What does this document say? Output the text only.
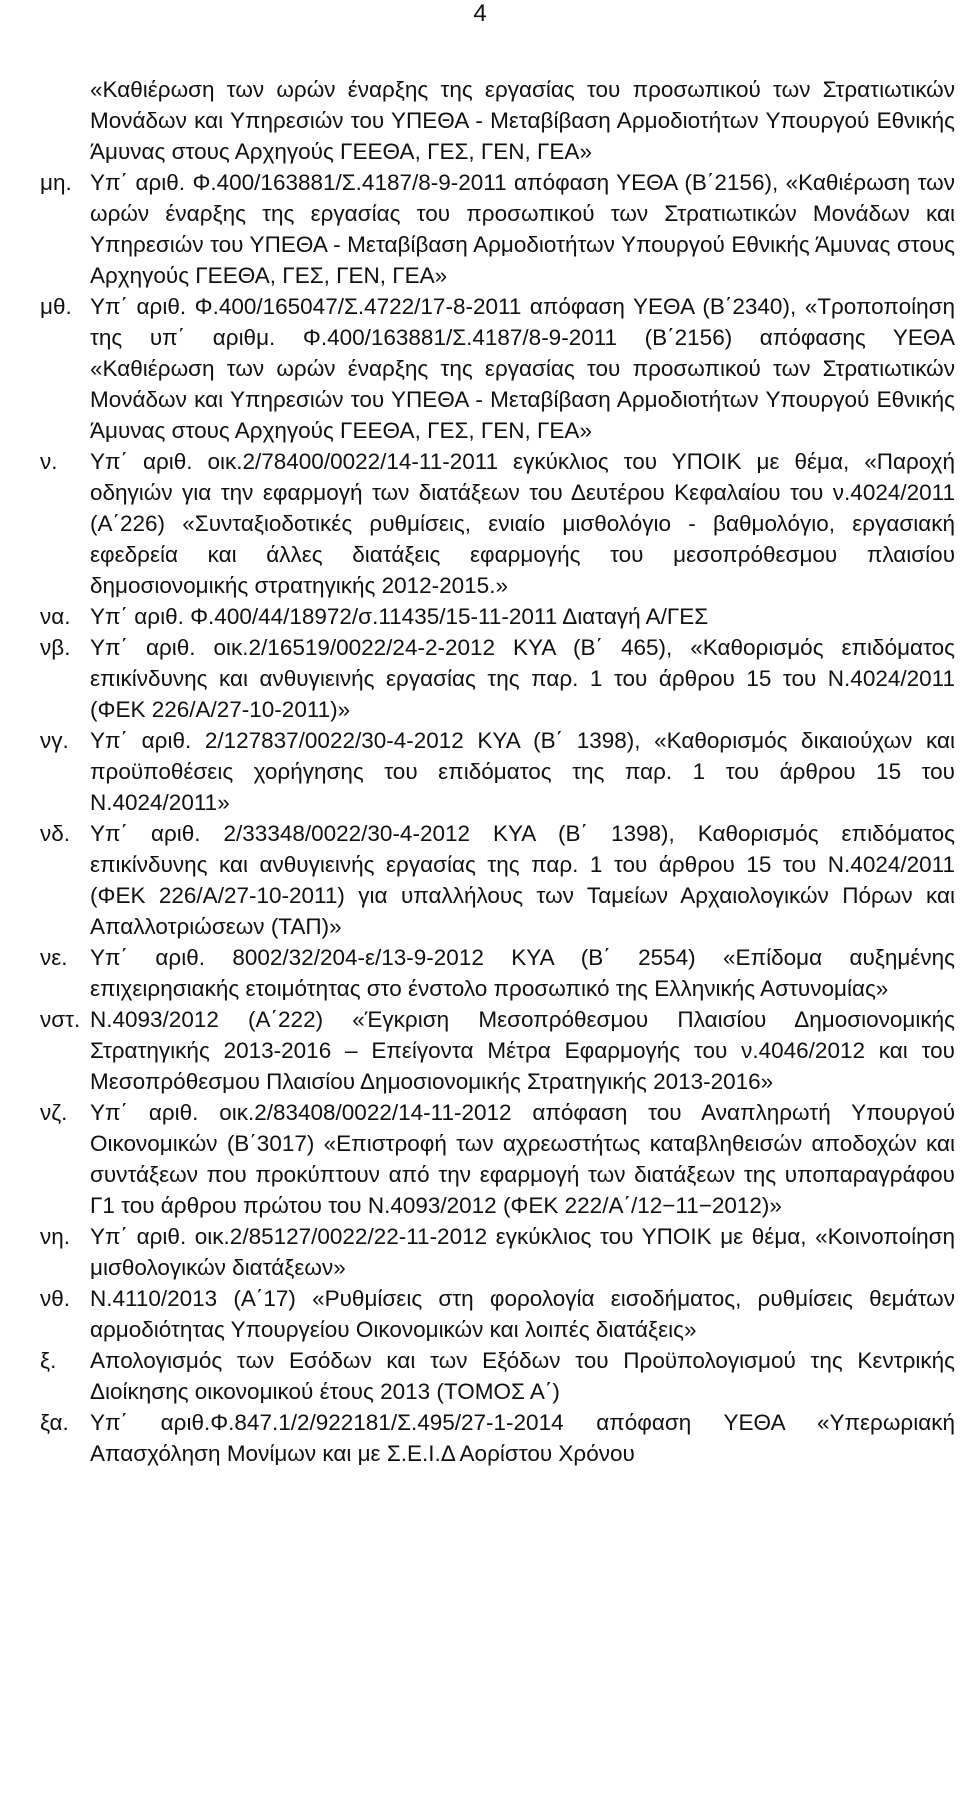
4

«Καθιέρωση των ωρών έναρξης της εργασίας του προσωπικού των Στρατιωτικών Μονάδων και Υπηρεσιών του ΥΠΕΘΑ - Μεταβίβαση Αρμοδιοτήτων Υπουργού Εθνικής Άμυνας στους Αρχηγούς ΓΕΕΘΑ, ΓΕΣ, ΓΕΝ, ΓΕΑ»

μη. Υπ΄ αριθ. Φ.400/163881/Σ.4187/8-9-2011 απόφαση ΥΕΘΑ (Β΄2156), «Καθιέρωση των ωρών έναρξης της εργασίας του προσωπικού των Στρατιωτικών Μονάδων και Υπηρεσιών του ΥΠΕΘΑ - Μεταβίβαση Αρμοδιοτήτων Υπουργού Εθνικής Άμυνας στους Αρχηγούς ΓΕΕΘΑ, ΓΕΣ, ΓΕΝ, ΓΕΑ»

μθ. Υπ΄ αριθ. Φ.400/165047/Σ.4722/17-8-2011 απόφαση ΥΕΘΑ (Β΄2340), «Τροποποίηση της υπ΄ αριθμ. Φ.400/163881/Σ.4187/8-9-2011 (Β΄2156) απόφασης ΥΕΘΑ «Καθιέρωση των ωρών έναρξης της εργασίας του προσωπικού των Στρατιωτικών Μονάδων και Υπηρεσιών του ΥΠΕΘΑ - Μεταβίβαση Αρμοδιοτήτων Υπουργού Εθνικής Άμυνας στους Αρχηγούς ΓΕΕΘΑ, ΓΕΣ, ΓΕΝ, ΓΕΑ»

ν. Υπ΄ αριθ. οικ.2/78400/0022/14-11-2011 εγκύκλιος του ΥΠΟΙΚ με θέμα, «Παροχή οδηγιών για την εφαρμογή των διατάξεων του Δευτέρου Κεφαλαίου του ν.4024/2011 (Α΄226) «Συνταξιοδοτικές ρυθμίσεις, ενιαίο μισθολόγιο - βαθμολόγιο, εργασιακή εφεδρεία και άλλες διατάξεις εφαρμογής του μεσοπρόθεσμου πλαισίου δημοσιονομικής στρατηγικής 2012-2015.»

να. Υπ΄ αριθ. Φ.400/44/18972/σ.11435/15-11-2011 Διαταγή Α/ΓΕΣ

νβ. Υπ΄ αριθ. οικ.2/16519/0022/24-2-2012 ΚΥΑ (Β΄ 465), «Καθορισμός επιδόματος επικίνδυνης και ανθυγιεινής εργασίας της παρ. 1 του άρθρου 15 του Ν.4024/2011 (ΦΕΚ 226/Α/27-10-2011)»

νγ. Υπ΄ αριθ. 2/127837/0022/30-4-2012 ΚΥΑ (Β΄ 1398), «Καθορισμός δικαιούχων και προϋποθέσεις χορήγησης του επιδόματος της παρ. 1 του άρθρου 15 του Ν.4024/2011»

νδ. Υπ΄ αριθ. 2/33348/0022/30-4-2012 ΚΥΑ (Β΄ 1398), Καθορισμός επιδόματος επικίνδυνης και ανθυγιεινής εργασίας της παρ. 1 του άρθρου 15 του Ν.4024/2011 (ΦΕΚ 226/Α/27-10-2011) για υπαλλήλους των Ταμείων Αρχαιολογικών Πόρων και Απαλλοτριώσεων (ΤΑΠ)»

νε. Υπ΄ αριθ. 8002/32/204-ε/13-9-2012 ΚΥΑ (Β΄ 2554) «Επίδομα αυξημένης επιχειρησιακής ετοιμότητας στο ένστολο προσωπικό της Ελληνικής Αστυνομίας»

νστ. Ν.4093/2012 (Α΄222) «Έγκριση Μεσοπρόθεσμου Πλαισίου Δημοσιονομικής Στρατηγικής 2013-2016 – Επείγοντα Μέτρα Εφαρμογής του ν.4046/2012 και του Μεσοπρόθεσμου Πλαισίου Δημοσιονομικής Στρατηγικής 2013-2016»

νζ. Υπ΄ αριθ. οικ.2/83408/0022/14-11-2012 απόφαση του Αναπληρωτή Υπουργού Οικονομικών (Β΄3017) «Επιστροφή των αχρεωστήτως καταβληθεισών αποδοχών και συντάξεων που προκύπτουν από την εφαρμογή των διατάξεων της υποπαραγράφου Γ1 του άρθρου πρώτου του Ν.4093/2012 (ΦΕΚ 222/Α΄/12−11−2012)»

νη. Υπ΄ αριθ. οικ.2/85127/0022/22-11-2012 εγκύκλιος του ΥΠΟΙΚ με θέμα, «Κοινοποίηση μισθολογικών διατάξεων»

νθ. Ν.4110/2013 (Α΄17) «Ρυθμίσεις στη φορολογία εισοδήματος, ρυθμίσεις θεμάτων αρμοδιότητας Υπουργείου Οικονομικών και λοιπές διατάξεις»

ξ. Απολογισμός των Εσόδων και των Εξόδων του Προϋπολογισμού της Κεντρικής Διοίκησης οικονομικού έτους 2013 (ΤΟΜΟΣ Α΄)

ξα. Υπ΄ αριθ.Φ.847.1/2/922181/Σ.495/27-1-2014 απόφαση ΥΕΘΑ «Υπερωριακή Απασχόληση Μονίμων και με Σ.Ε.Ι.Δ Αορίστου Χρόνου
